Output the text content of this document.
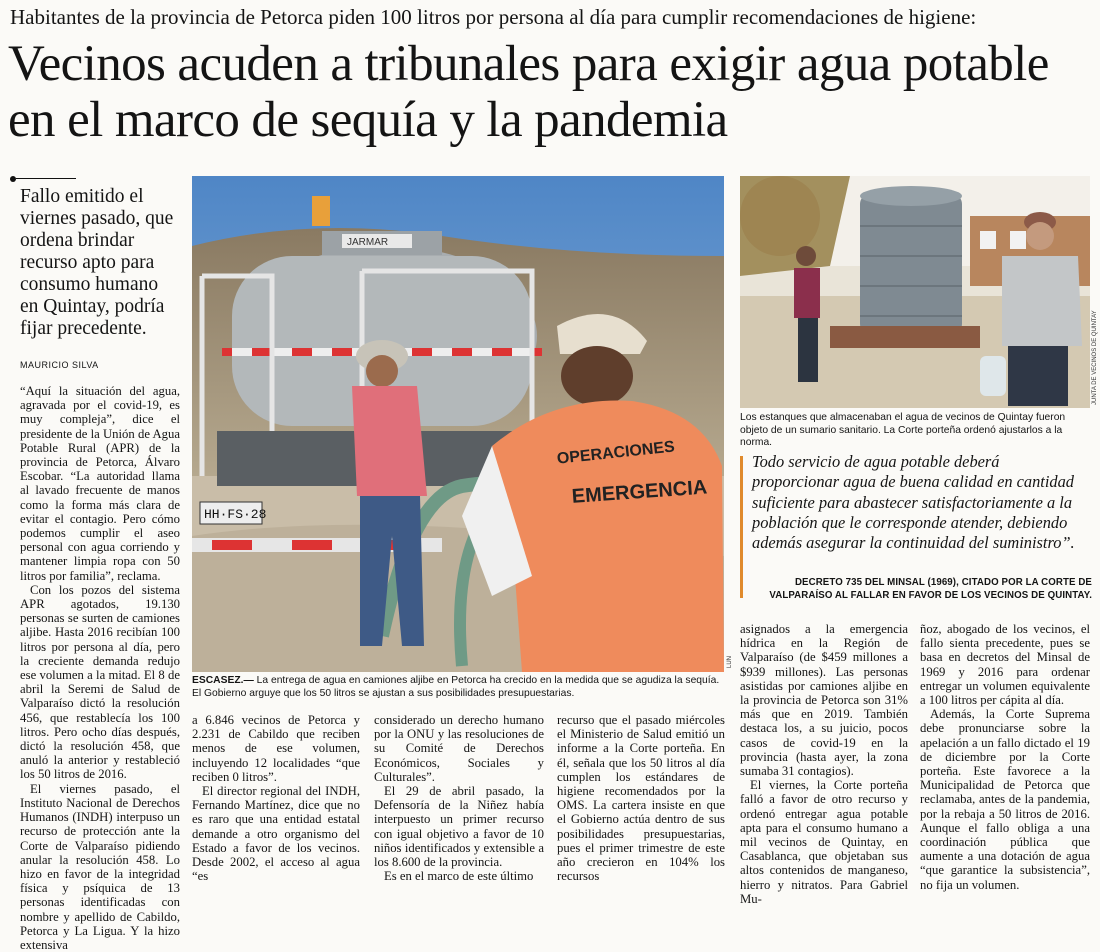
Habitantes de la provincia de Petorca piden 100 litros por persona al día para cumplir recomendaciones de higiene:
Vecinos acuden a tribunales para exigir agua potable en el marco de sequía y la pandemia
Fallo emitido el viernes pasado, que ordena brindar recurso apto para consumo humano en Quintay, podría fijar precedente.
MAURICIO SILVA
JARMAR
HH·FS·28
OPERACIONES
EMERGENCIA
LUN
ESCASEZ.— La entrega de agua en camiones aljibe en Petorca ha crecido en la medida que se agudiza la sequía. El Gobierno arguye que los 50 litros se ajustan a sus posibilidades presupuestarias.
JUNTA DE VECINOS DE QUINTAY
Los estanques que almacenaban el agua de vecinos de Quintay fueron objeto de un sumario sanitario. La Corte porteña ordenó ajustarlos a la norma.
Todo servicio de agua potable deberá proporcionar agua de buena calidad en cantidad suficiente para abastecer satisfactoriamente a la población que le corresponde atender, debiendo además asegurar la continuidad del suministro”.
DECRETO 735 DEL MINSAL (1969), CITADO POR LA CORTE DE VALPARAÍSO AL FALLAR EN FAVOR DE LOS VECINOS DE QUINTAY.

“Aquí la situación del agua, agravada por el covid-19, es muy compleja”, dice el presidente de la Unión de Agua Potable Rural (APR) de la provincia de Petorca, Álvaro Escobar. “La autoridad llama al lavado frecuente de manos como la forma más clara de evitar el contagio. Pero cómo podemos cumplir el aseo personal con agua corriendo y mantener limpia ropa con 50 litros por familia”, reclama.

Con los pozos del sistema APR agotados, 19.130 personas se surten de camiones aljibe. Hasta 2016 recibían 100 litros por persona al día, pero la creciente demanda redujo ese volumen a la mitad. El 8 de abril la Seremi de Salud de Valparaíso dictó la resolución 456, que restablecía los 100 litros. Pero ocho días después, dictó la resolución 458, que anuló la anterior y restableció los 50 litros de 2016.

El viernes pasado, el Instituto Nacional de Derechos Humanos (INDH) interpuso un recurso de protección ante la Corte de Valparaíso pidiendo anular la resolución 458. Lo hizo en favor de la integridad física y psíquica de 13 personas identificadas con nombre y apellido de Cabildo, Petorca y La Ligua. Y la hizo extensiva

a 6.846 vecinos de Petorca y 2.231 de Cabildo que reciben menos de ese volumen, incluyendo 12 localidades “que reciben 0 litros”.

El director regional del INDH, Fernando Martínez, dice que no es raro que una entidad estatal demande a otro organismo del Estado a favor de los vecinos. Desde 2002, el acceso al agua “es

considerado un derecho humano por la ONU y las resoluciones de su Comité de Derechos Económicos, Sociales y Culturales”.

El 29 de abril pasado, la Defensoría de la Niñez había interpuesto un primer recurso con igual objetivo a favor de 10 niños identificados y extensible a los 8.600 de la provincia.

Es en el marco de este último

recurso que el pasado miércoles el Ministerio de Salud emitió un informe a la Corte porteña. En él, señala que los 50 litros al día cumplen los estándares de higiene recomendados por la OMS. La cartera insiste en que el Gobierno actúa dentro de sus posibilidades presupuestarias, pues el primer trimestre de este año crecieron en 104% los recursos

asignados a la emergencia hídrica en la Región de Valparaíso (de $459 millones a $939 millones). Las personas asistidas por camiones aljibe en la provincia de Petorca son 31% más que en 2019. También destaca los, a su juicio, pocos casos de covid-19 en la provincia (hasta ayer, la zona sumaba 31 contagios).

El viernes, la Corte porteña falló a favor de otro recurso y ordenó entregar agua potable apta para el consumo humano a mil vecinos de Quintay, en Casablanca, que objetaban sus altos contenidos de manganeso, hierro y nitratos. Para Gabriel Mu-

ñoz, abogado de los vecinos, el fallo sienta precedente, pues se basa en decretos del Minsal de 1969 y 2016 para ordenar entregar un volumen equivalente a 100 litros per cápita al día.

Además, la Corte Suprema debe pronunciarse sobre la apelación a un fallo dictado el 19 de diciembre por la Corte porteña. Este favorece a la Municipalidad de Petorca que reclamaba, antes de la pandemia, por la rebaja a 50 litros de 2016. Aunque el fallo obliga a una coordinación pública que aumente a una dotación de agua “que garantice la subsistencia”, no fija un volumen.
